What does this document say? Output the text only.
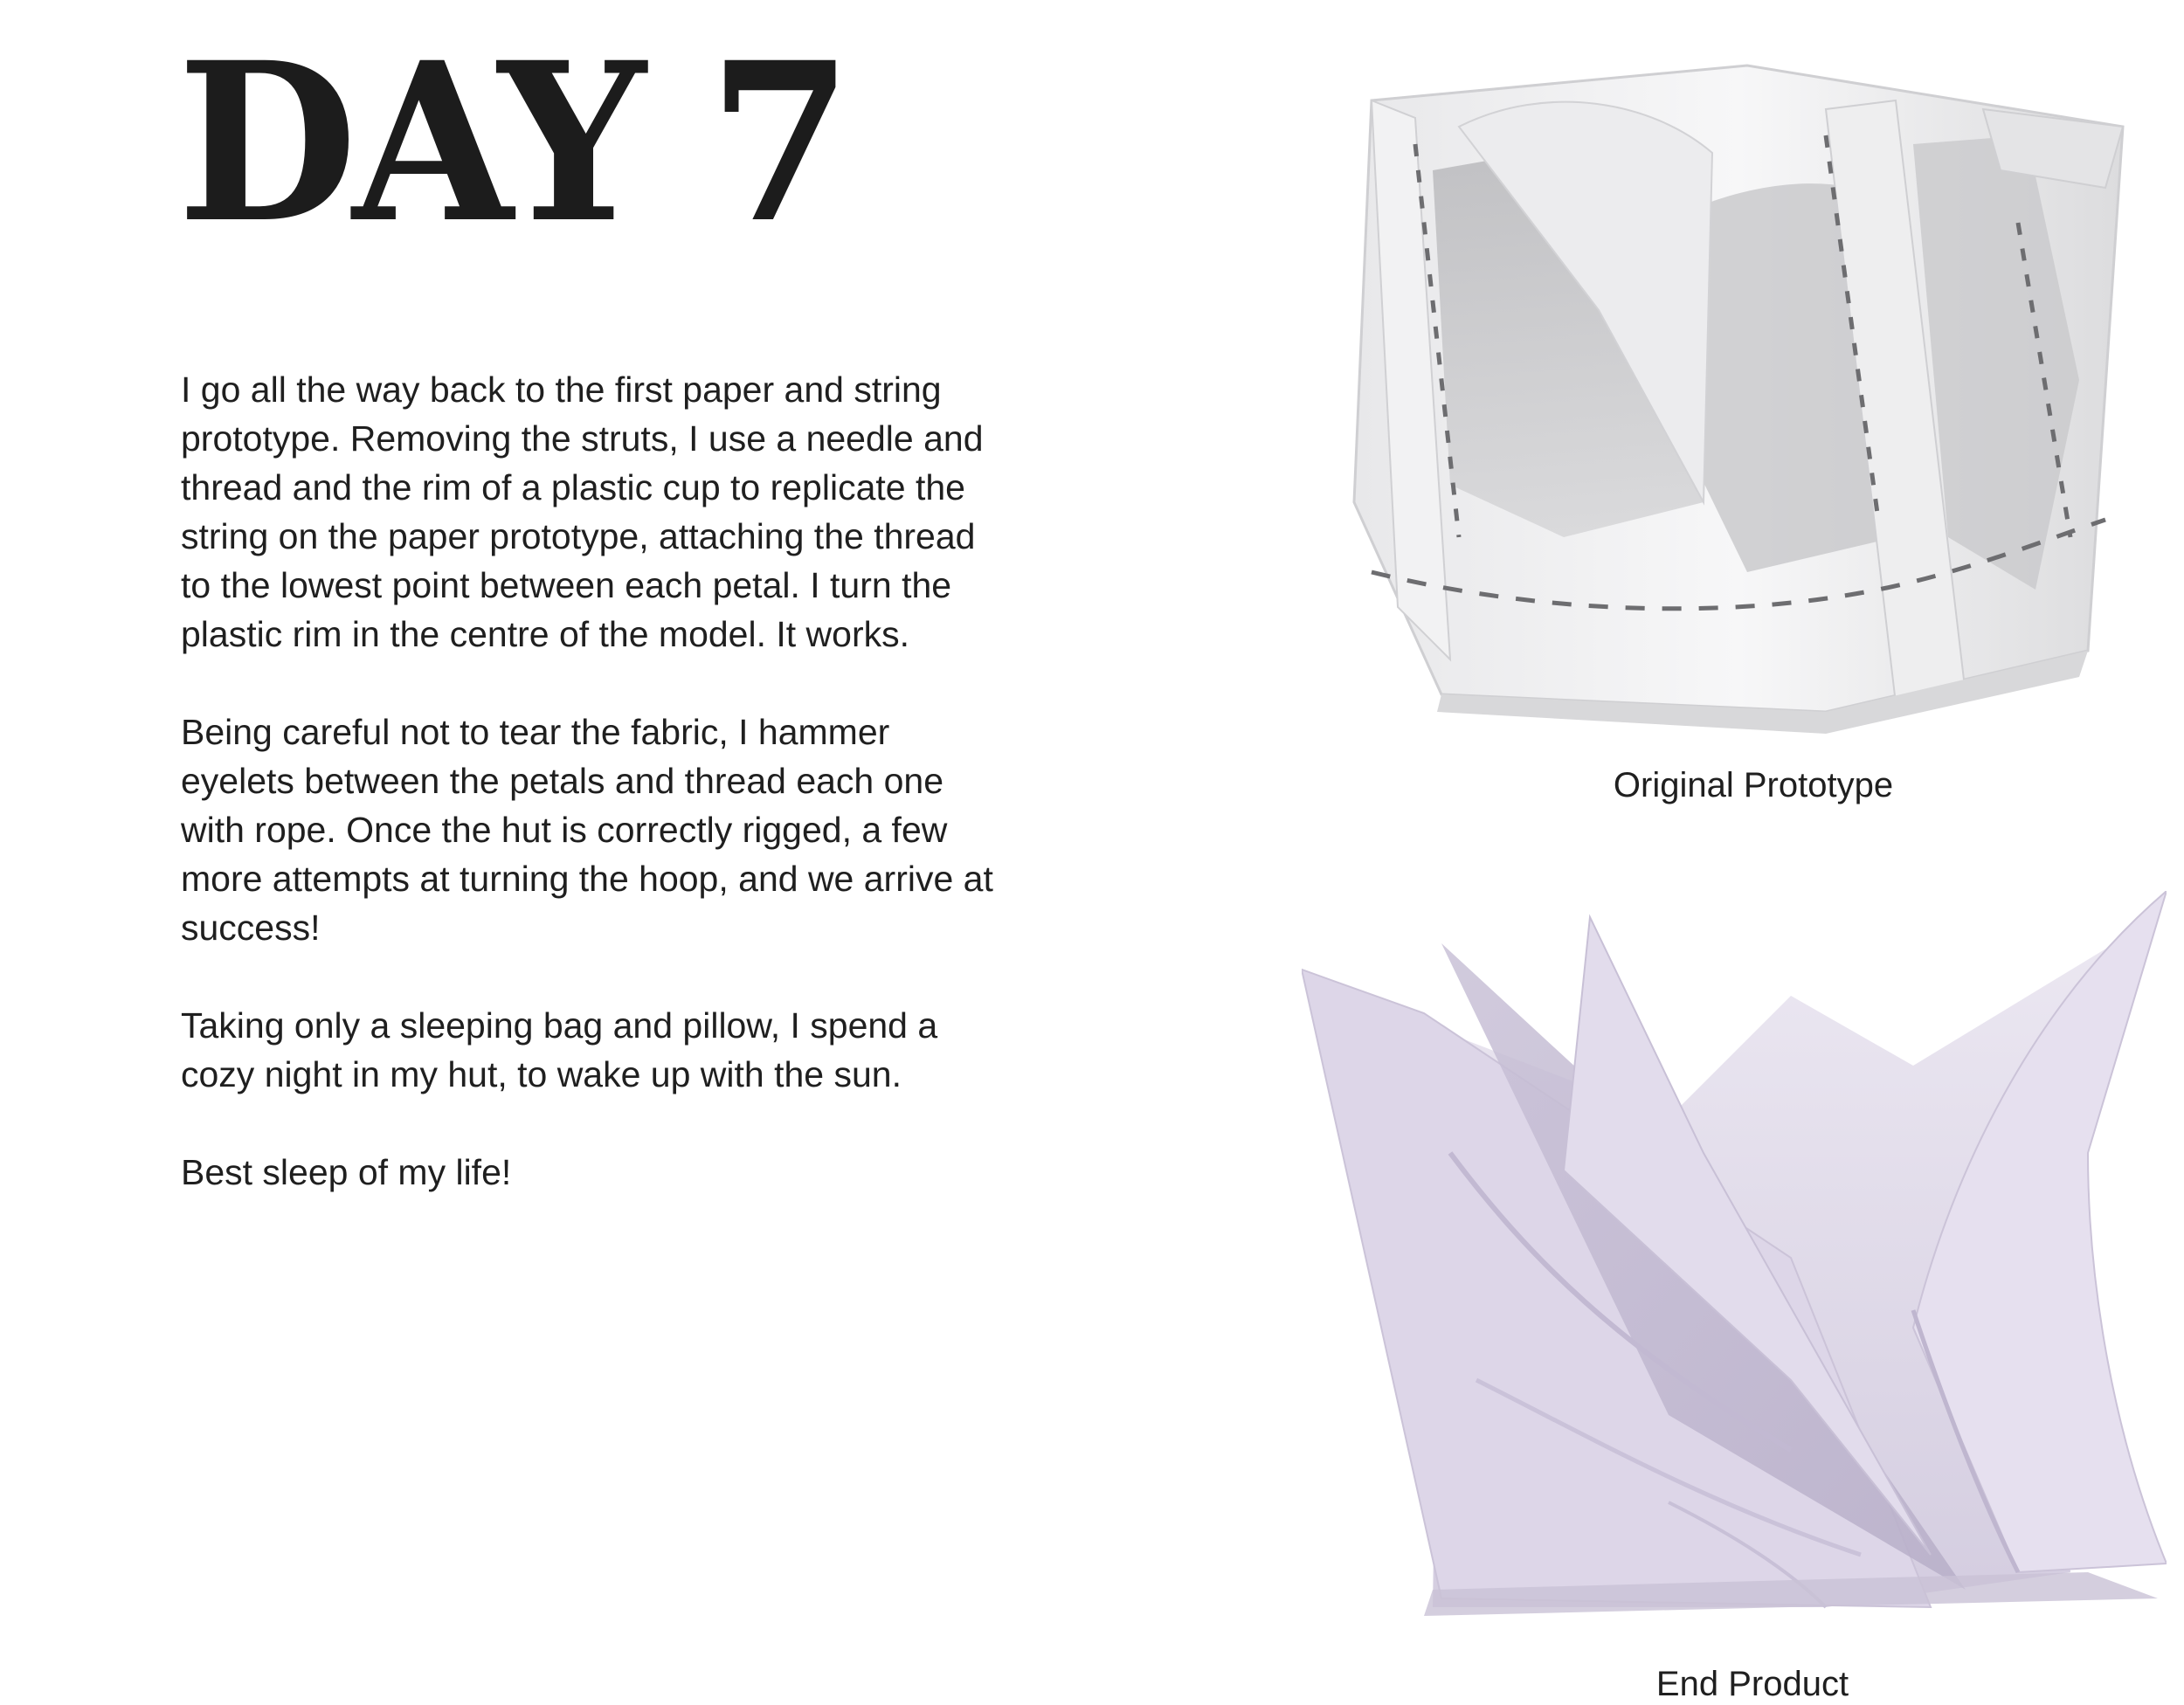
DAY 7

I go all the way back to the first paper and string prototype. Removing the struts, I use a needle and thread and the rim of a plastic cup to replicate the string on the paper prototype, attaching the thread to the lowest point between each petal. I turn the plastic rim in the centre of the model. It works.

Being careful not to tear the fabric, I hammer eyelets between the petals and thread each one with rope. Once the hut is correctly rigged, a few more attempts at turning the hoop, and we arrive at success!

Taking only a sleeping bag and pillow, I spend a cozy night in my hut, to wake up with the sun.

Best sleep of my life!

Original Prototype
End Product
